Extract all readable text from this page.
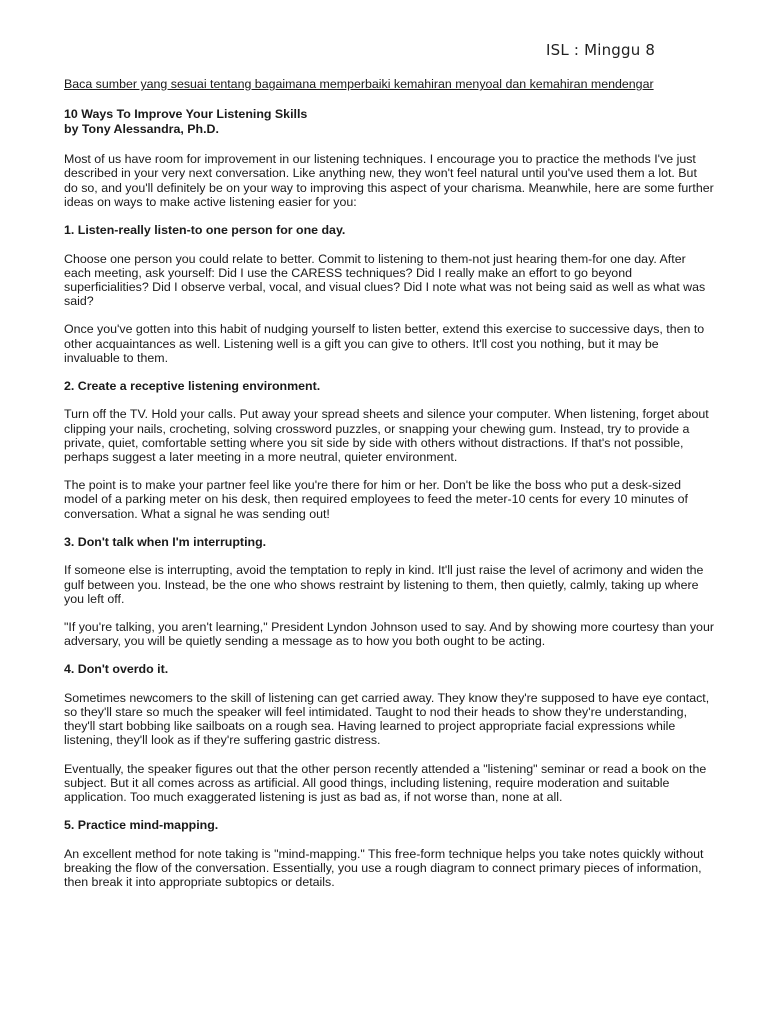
ISL : Minggu 8
Baca sumber yang sesuai tentang bagaimana memperbaiki kemahiran menyoal dan kemahiran mendengar
10 Ways To Improve Your Listening Skills
by Tony Alessandra, Ph.D.

Most of us have room for improvement in our listening techniques. I encourage you to practice the methods I've just described in your very next conversation. Like anything new, they won't feel natural until you've used them a lot. But do so, and you'll definitely be on your way to improving this aspect of your charisma. Meanwhile, here are some further ideas on ways to make active listening easier for you:

1. Listen-really listen-to one person for one day.

Choose one person you could relate to better. Commit to listening to them-not just hearing them-for one day. After each meeting, ask yourself: Did I use the CARESS techniques? Did I really make an effort to go beyond superficialities? Did I observe verbal, vocal, and visual clues? Did I note what was not being said as well as what was said?

Once you've gotten into this habit of nudging yourself to listen better, extend this exercise to successive days, then to other acquaintances as well. Listening well is a gift you can give to others. It'll cost you nothing, but it may be invaluable to them.

2. Create a receptive listening environment.

Turn off the TV. Hold your calls. Put away your spread sheets and silence your computer. When listening, forget about clipping your nails, crocheting, solving crossword puzzles, or snapping your chewing gum. Instead, try to provide a private, quiet, comfortable setting where you sit side by side with others without distractions. If that's not possible, perhaps suggest a later meeting in a more neutral, quieter environment.

The point is to make your partner feel like you're there for him or her. Don't be like the boss who put a desk-sized model of a parking meter on his desk, then required employees to feed the meter-10 cents for every 10 minutes of conversation. What a signal he was sending out!

3. Don't talk when I'm interrupting.

If someone else is interrupting, avoid the temptation to reply in kind. It'll just raise the level of acrimony and widen the gulf between you. Instead, be the one who shows restraint by listening to them, then quietly, calmly, taking up where you left off.

"If you're talking, you aren't learning," President Lyndon Johnson used to say. And by showing more courtesy than your adversary, you will be quietly sending a message as to how you both ought to be acting.

4. Don't overdo it.

Sometimes newcomers to the skill of listening can get carried away. They know they're supposed to have eye contact, so they'll stare so much the speaker will feel intimidated. Taught to nod their heads to show they're understanding, they'll start bobbing like sailboats on a rough sea. Having learned to project appropriate facial expressions while listening, they'll look as if they're suffering gastric distress.

Eventually, the speaker figures out that the other person recently attended a "listening" seminar or read a book on the subject. But it all comes across as artificial. All good things, including listening, require moderation and suitable application. Too much exaggerated listening is just as bad as, if not worse than, none at all.

5. Practice mind-mapping.

An excellent method for note taking is "mind-mapping." This free-form technique helps you take notes quickly without breaking the flow of the conversation. Essentially, you use a rough diagram to connect primary pieces of information, then break it into appropriate subtopics or details.
